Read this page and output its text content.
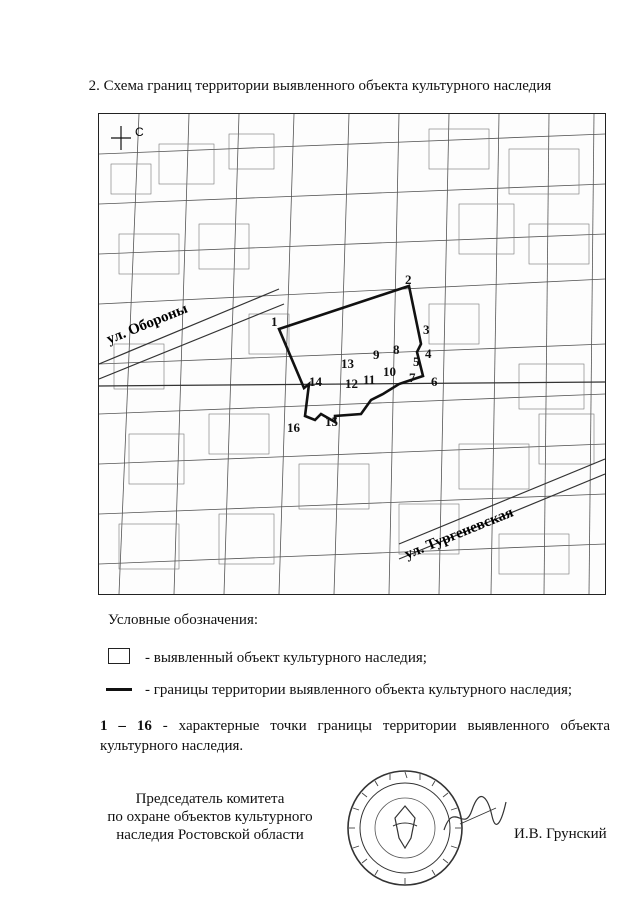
2. Схема границ территории выявленного объекта культурного наследия
С
ул. Обороны
ул. Тургеневская
1
2
3
4
5
6
7
8
9
10
11
12
13
14
15
16
Условные обозначения:
- выявленный объект культурного наследия;
- границы территории выявленного объекта культурного наследия;
1 – 16 - характерные точки границы территории выявленного объекта культурного наследия.
Председатель комитета
по охране объектов культурного
наследия Ростовской области	И.В. Грунский
